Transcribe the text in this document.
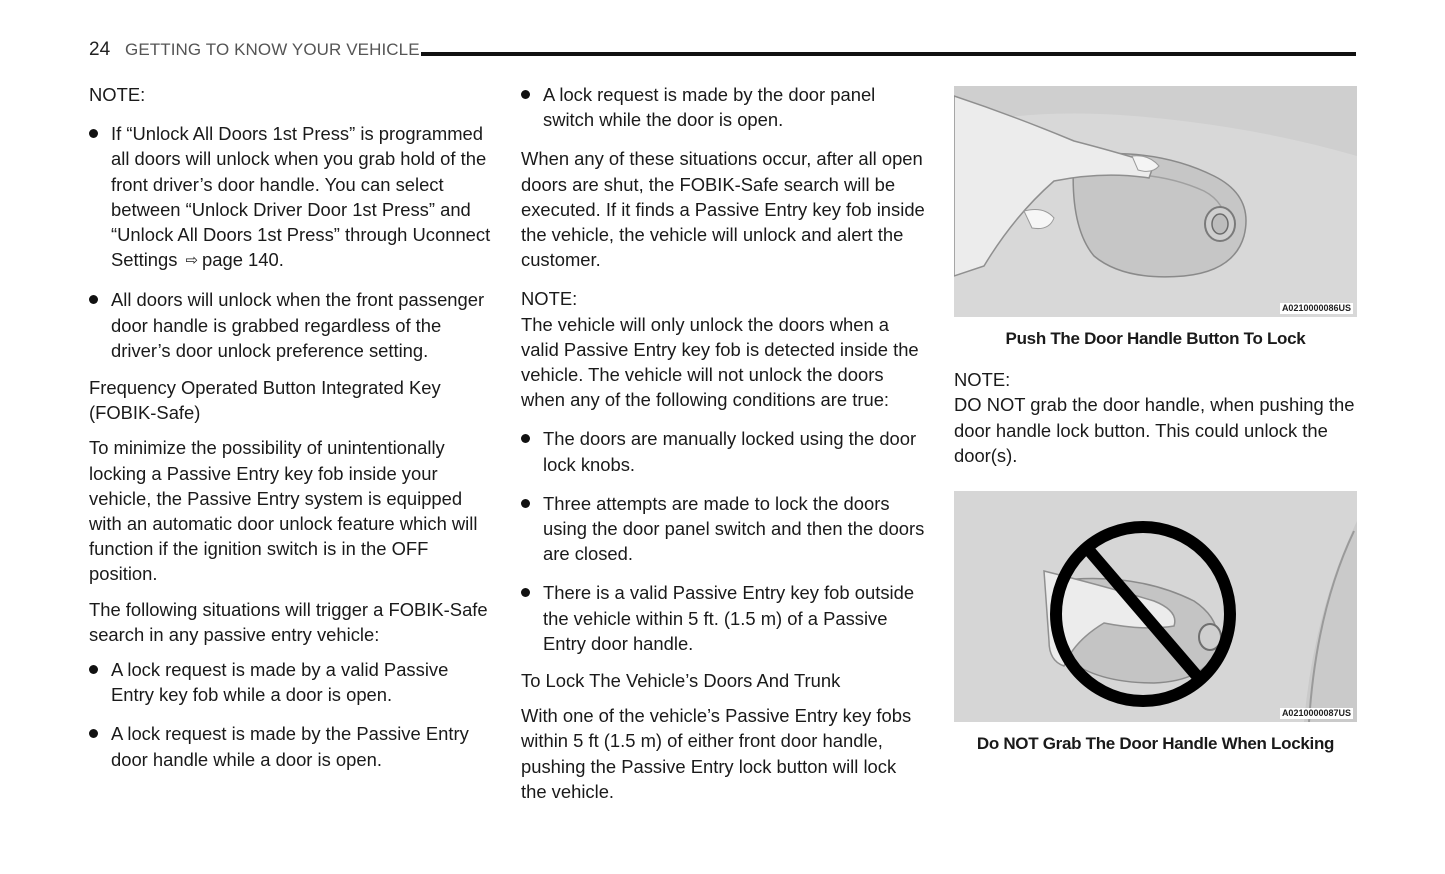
24 GETTING TO KNOW YOUR VEHICLE

NOTE:

If “Unlock All Doors 1st Press” is programmed all doors will unlock when you grab hold of the front driver’s door handle. You can select between “Unlock Driver Door 1st Press” and “Unlock All Doors 1st Press” through Uconnect Settings ⇨ page 140.
All doors will unlock when the front passenger door handle is grabbed regardless of the driver’s door unlock preference setting.

Frequency Operated Button Integrated Key (FOBIK-Safe)

To minimize the possibility of unintentionally locking a Passive Entry key fob inside your vehicle, the Passive Entry system is equipped with an automatic door unlock feature which will function if the ignition switch is in the OFF position.

The following situations will trigger a FOBIK-Safe search in any passive entry vehicle:

A lock request is made by a valid Passive Entry key fob while a door is open.
A lock request is made by the Passive Entry door handle while a door is open.
A lock request is made by the door panel switch while the door is open.

When any of these situations occur, after all open doors are shut, the FOBIK-Safe search will be executed. If it finds a Passive Entry key fob inside the vehicle, the vehicle will unlock and alert the customer.

NOTE:

The vehicle will only unlock the doors when a valid Passive Entry key fob is detected inside the vehicle. The vehicle will not unlock the doors when any of the following conditions are true:

The doors are manually locked using the door lock knobs.
Three attempts are made to lock the doors using the door panel switch and then the doors are closed.
There is a valid Passive Entry key fob outside the vehicle within 5 ft. (1.5 m) of a Passive Entry door handle.

To Lock The Vehicle’s Doors And Trunk

With one of the vehicle’s Passive Entry key fobs within 5 ft (1.5 m) of either front door handle, pushing the Passive Entry lock button will lock the vehicle.

A0210000086US
Push The Door Handle Button To Lock

NOTE:

DO NOT grab the door handle, when pushing the door handle lock button. This could unlock the door(s).

A0210000087US
Do NOT Grab The Door Handle When Locking
